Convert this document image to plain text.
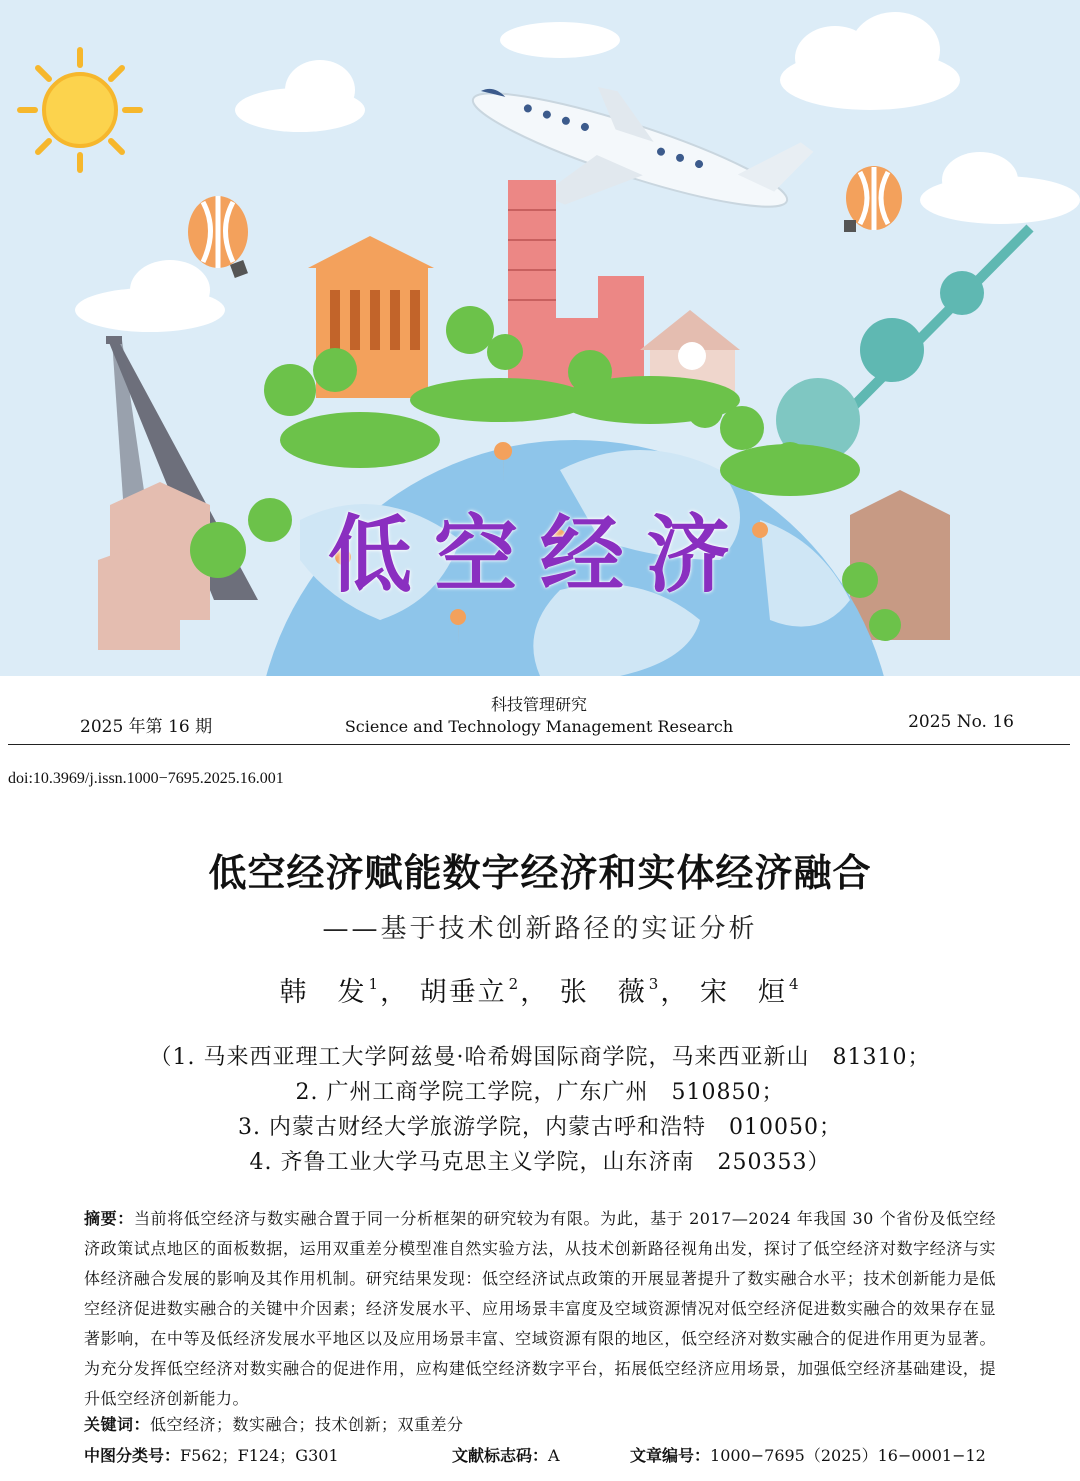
低空经济
2025 年第 16 期
科技管理研究
Science and Technology Management Research	2025 No. 16
doi:10.3969/j.issn.1000−7695.2025.16.001
低空经济赋能数字经济和实体经济融合
——基于技术创新路径的实证分析
韩　发 $^1$， 胡垂立 $^2$， 张　薇 $^3$， 宋　烜 $^4$
（1. 马来西亚理工大学阿兹曼·哈希姆国际商学院，马来西亚新山　81310；
2. 广州工商学院工学院，广东广州　510850；
3. 内蒙古财经大学旅游学院，内蒙古呼和浩特　010050；
4. 齐鲁工业大学马克思主义学院，山东济南　250353）
摘要：当前将低空经济与数实融合置于同一分析框架的研究较为有限。为此，基于 2017—2024 年我国 30 个省份及低空经济政策试点地区的面板数据，运用双重差分模型准自然实验方法，从技术创新路径视角出发，探讨了低空经济对数字经济与实体经济融合发展的影响及其作用机制。研究结果发现：低空经济试点政策的开展显著提升了数实融合水平；技术创新能力是低空经济促进数实融合的关键中介因素；经济发展水平、应用场景丰富度及空域资源情况对低空经济促进数实融合的效果存在显著影响，在中等及低经济发展水平地区以及应用场景丰富、空域资源有限的地区，低空经济对数实融合的促进作用更为显著。为充分发挥低空经济对数实融合的促进作用，应构建低空经济数字平台，拓展低空经济应用场景，加强低空经济基础建设，提升低空经济创新能力。
关键词：低空经济；数实融合；技术创新；双重差分
中图分类号：F562；F124；G301	文献标志码：A	文章编号：1000−7695（2025）16−0001−12
